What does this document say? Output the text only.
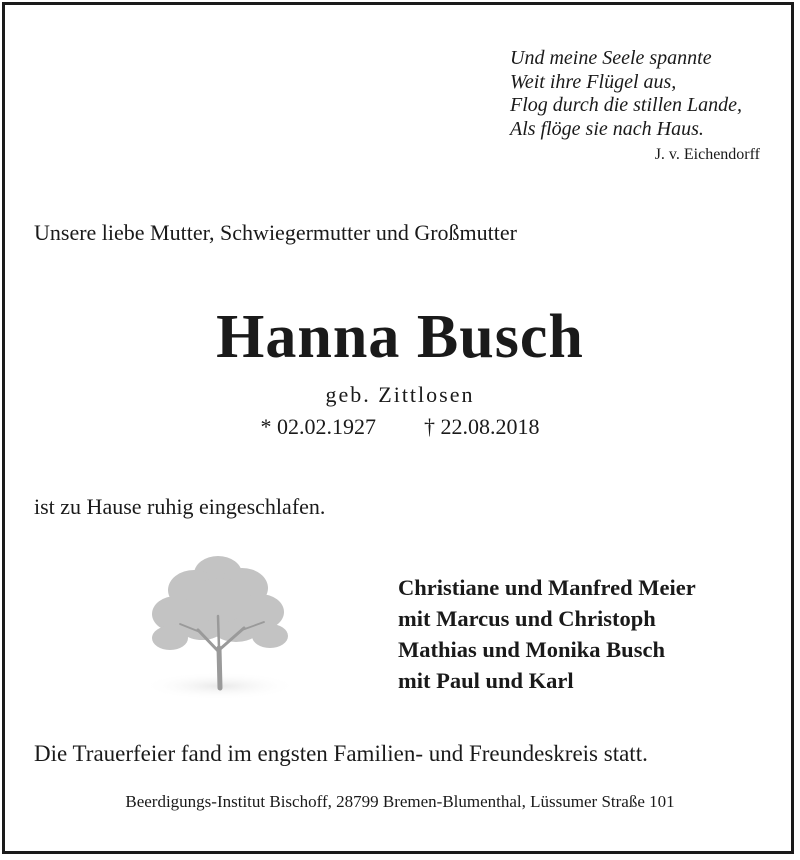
Und meine Seele spannte
Weit ihre Flügel aus,
Flog durch die stillen Lande,
Als flöge sie nach Haus.
J. v. Eichendorff
Unsere liebe Mutter, Schwiegermutter und Großmutter
Hanna Busch
geb. Zittlosen
* 02.02.1927 † 22.08.2018
ist zu Hause ruhig eingeschlafen.
Christiane und Manfred Meier
mit Marcus und Christoph
Mathias und Monika Busch
mit Paul und Karl
Die Trauerfeier fand im engsten Familien- und Freundeskreis statt.
Beerdigungs-Institut Bischoff, 28799 Bremen-Blumenthal, Lüssumer Straße 101
